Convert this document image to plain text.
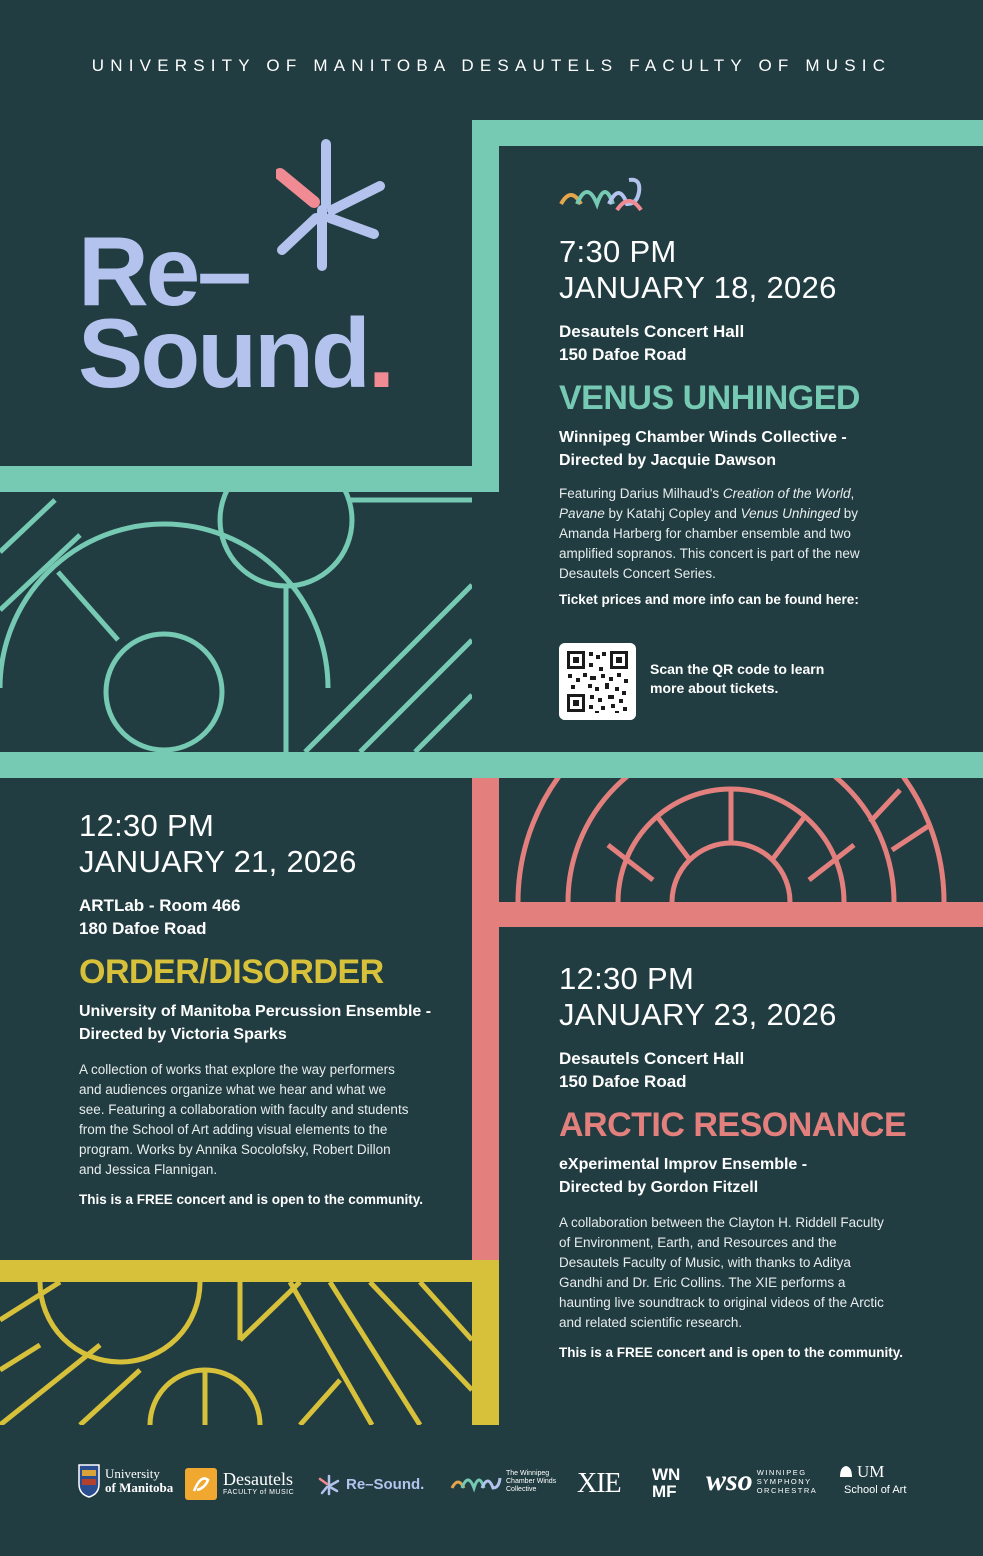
UNIVERSITY OF MANITOBA DESAUTELS FACULTY OF MUSIC
Re–
Sound.
7:30 PM
JANUARY 18, 2026
Desautels Concert Hall
150 Dafoe Road
VENUS UNHINGED
Winnipeg Chamber Winds Collective -
Directed by Jacquie Dawson
Featuring Darius Milhaud's Creation of the World, Pavane by Katahj Copley and Venus Unhinged by Amanda Harberg for chamber ensemble and two amplified sopranos. This concert is part of the new Desautels Concert Series.
Ticket prices and more info can be found here:
Scan the QR code to learn more about tickets.
12:30 PM
JANUARY 21, 2026
ARTLab - Room 466
180 Dafoe Road
ORDER/DISORDER
University of Manitoba Percussion Ensemble -
Directed by Victoria Sparks
A collection of works that explore the way performers and audiences organize what we hear and what we see. Featuring a collaboration with faculty and students from the School of Art adding visual elements to the program. Works by Annika Socolofsky, Robert Dillon and Jessica Flannigan.
This is a FREE concert and is open to the community.
12:30 PM
JANUARY 23, 2026
Desautels Concert Hall
150 Dafoe Road
ARCTIC RESONANCE
eXperimental Improv Ensemble -
Directed by Gordon Fitzell
A collaboration between the Clayton H. Riddell Faculty of Environment, Earth, and Resources and the Desautels Faculty of Music, with thanks to Aditya Gandhi and Dr. Eric Collins. The XIE performs a haunting live soundtrack to original videos of the Arctic and related scientific research.
This is a FREE concert and is open to the community.
University
of Manitoba	Desautels
FACULTY of MUSIC	Re–Sound.
The Winnipeg
Chamber Winds
Collective	XIE WN
MF wso WINNIPEG
SYMPHONY
ORCHESTRA
UM
School of Art
